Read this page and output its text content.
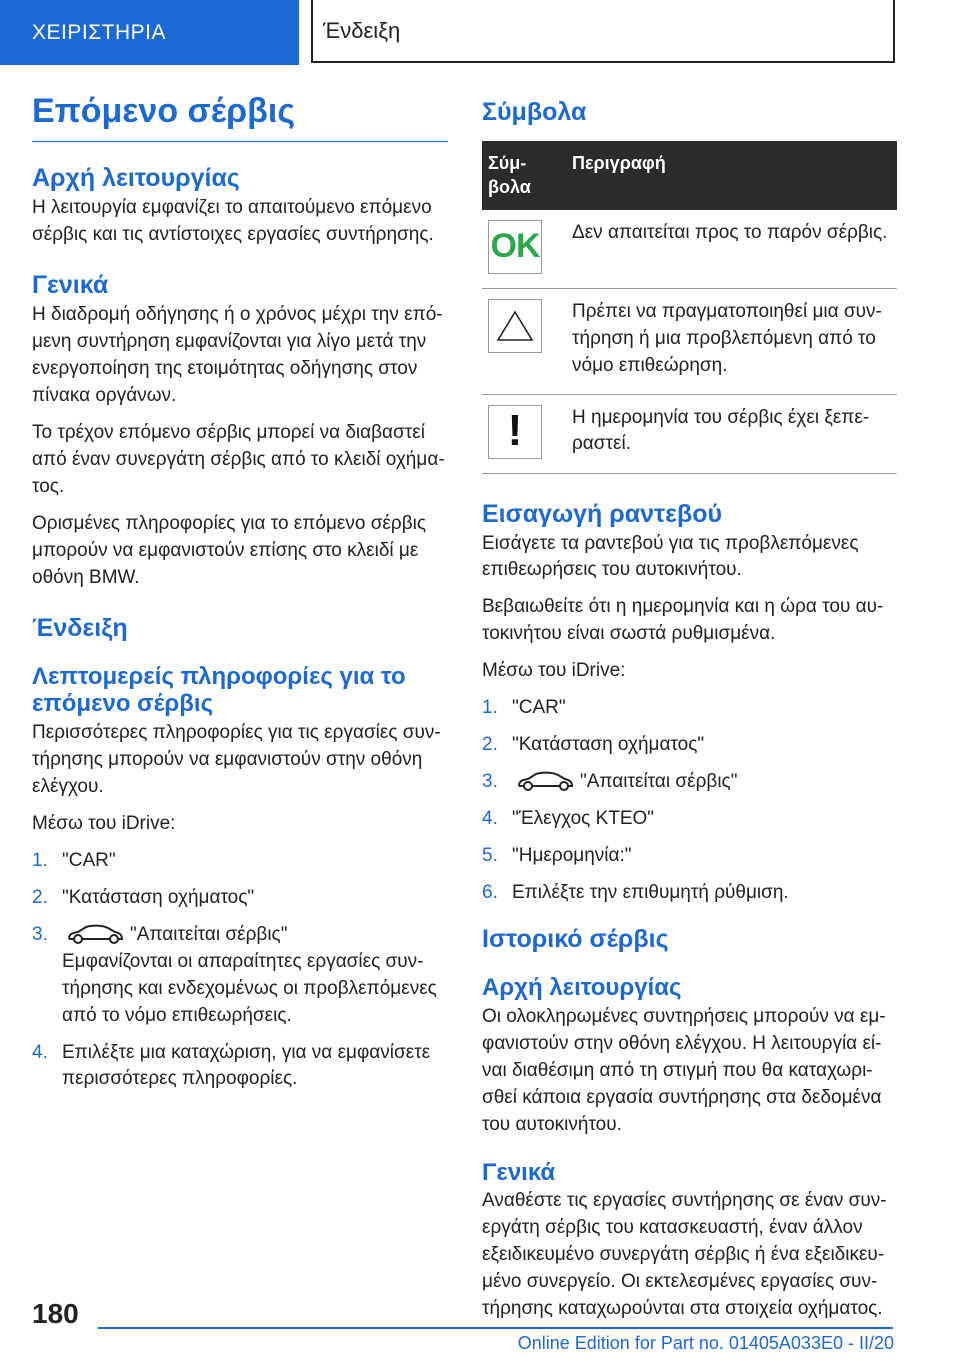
ΧΕΙΡΙΣΤΗΡΙΑ	Ένδειξη
Επόμενο σέρβις
Αρχή λειτουργίας

Η λειτουργία εμφανίζει το απαιτούμενο επόμενο σέρβις και τις αντίστοιχες εργασίες συντήρησης.

Γενικά

Η διαδρομή οδήγησης ή ο χρόνος μέχρι την επόμενη συντήρηση εμφανίζονται για λίγο μετά την ενεργοποίηση της ετοιμότητας οδήγησης στον πίνακα οργάνων.

Το τρέχον επόμενο σέρβις μπορεί να διαβαστεί από έναν συνεργάτη σέρβις από το κλειδί οχήματος.

Ορισμένες πληροφορίες για το επόμενο σέρβις μπορούν να εμφανιστούν επίσης στο κλειδί με οθόνη BMW.

Ένδειξη
Λεπτομερείς πληροφορίες για το επόμενο σέρβις

Περισσότερες πληροφορίες για τις εργασίες συντήρησης μπορούν να εμφανιστούν στην οθόνη ελέγχου.

Μέσω του iDrive:

1. "CAR"
2. "Κατάσταση οχήματος"
3.	"Απαιτείται σέρβις"
Εμφανίζονται οι απαραίτητες εργασίες συντήρησης και ενδεχομένως οι προβλεπόμενες από το νόμο επιθεωρήσεις.
4. Επιλέξτε μια καταχώριση, για να εμφανίσετε περισσότερες πληροφορίες.
Σύμβολα
Σύμβολα	Περιγραφή

OK	Δεν απαιτείται προς το παρόν σέρβις.

	Πρέπει να πραγματοποιηθεί μια συντήρηση ή μια προβλεπόμενη από το νόμο επιθεώρηση.

!	Η ημερομηνία του σέρβις έχει ξεπεραστεί.
Εισαγωγή ραντεβού

Εισάγετε τα ραντεβού για τις προβλεπόμενες επιθεωρήσεις του αυτοκινήτου.

Βεβαιωθείτε ότι η ημερομηνία και η ώρα του αυτοκινήτου είναι σωστά ρυθμισμένα.

Μέσω του iDrive:

1. "CAR"
2. "Κατάσταση οχήματος"
3.	"Απαιτείται σέρβις"
4. "Έλεγχος ΚΤΕΟ"
5. "Ημερομηνία:"
6. Επιλέξτε την επιθυμητή ρύθμιση.
Ιστορικό σέρβις
Αρχή λειτουργίας

Οι ολοκληρωμένες συντηρήσεις μπορούν να εμφανιστούν στην οθόνη ελέγχου. Η λειτουργία είναι διαθέσιμη από τη στιγμή που θα καταχωρισθεί κάποια εργασία συντήρησης στα δεδομένα του αυτοκινήτου.

Γενικά

Αναθέστε τις εργασίες συντήρησης σε έναν συνεργάτη σέρβις του κατασκευαστή, έναν άλλον εξειδικευμένο συνεργάτη σέρβις ή ένα εξειδικευμένο συνεργείο. Οι εκτελεσμένες εργασίες συντήρησης καταχωρούνται στα στοιχεία οχήματος.

180
Online Edition for Part no. 01405A033E0 - II/20
